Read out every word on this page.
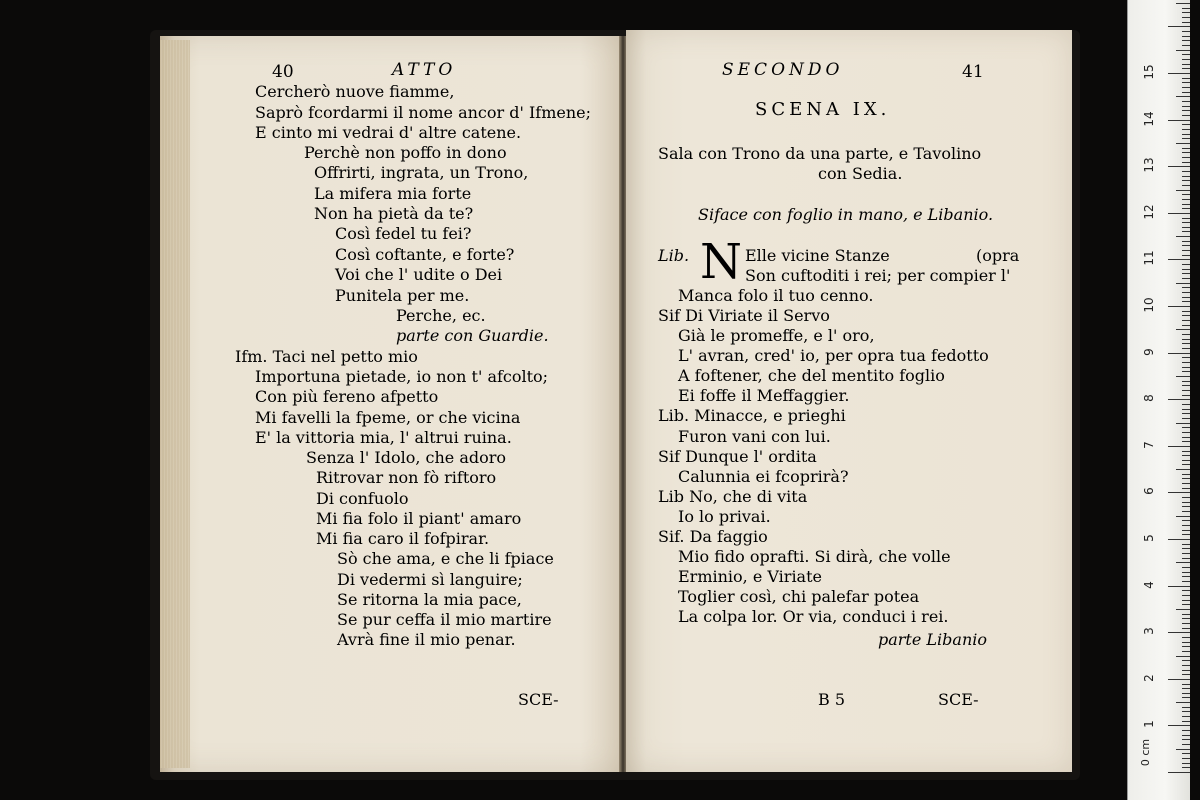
40	ATTO
Cercherò nuove fiamme,
Saprò fcordarmi il nome ancor d' Ifmene;
E cinto mi vedrai d' altre catene.
Perchè non poffo in dono
Offrirti, ingrata, un Trono,
La mifera mia forte
Non ha pietà da te?
Così fedel tu fei?
Così coftante, e forte?
Voi che l' udite o Dei
Punitela per me.
Perche, ec.
parte con Guardie.
Ifm. Taci nel petto mio
Importuna pietade, io non t' afcolto;
Con più fereno afpetto
Mi favelli la fpeme, or che vicina
E' la vittoria mia, l' altrui ruina.
Senza l' Idolo, che adoro
Ritrovar non fò riftoro
Di confuolo
Mi fia folo il piant' amaro
Mi fia caro il fofpirar.
Sò che ama, e che li fpiace
Di vedermi sì languire;
Se ritorna la mia pace,
Se pur ceffa il mio martire
Avrà fine il mio penar.
SCE-
SECONDO	41
SCENA IX.
Sala con Trono da una parte, e Tavolino
con Sedia.
Siface con foglio in mano, e Libanio.
Lib. N Elle vicine Stanze	(opra
Son cuftoditi i rei; per compier l'
Manca folo il tuo cenno.
Sif Di Viriate il Servo
Già le promeffe, e l' oro,
L' avran, cred' io, per opra tua fedotto
A foftener, che del mentito foglio
Ei foffe il Meffaggier.
Lib. Minacce, e prieghi
Furon vani con lui.
Sif Dunque l' ordita
Calunnia ei fcoprirà?
Lib No, che di vita
Io lo privai.
Sif. Da faggio
Mio fido oprafti. Si dirà, che volle
Erminio, e Viriate
Toglier così, chi palefar potea
La colpa lor. Or via, conduci i rei.
parte Libanio
B 5	SCE-
0 cm
1
2
3
4
5
6
7
8
9
10
11
12
13
14
15
